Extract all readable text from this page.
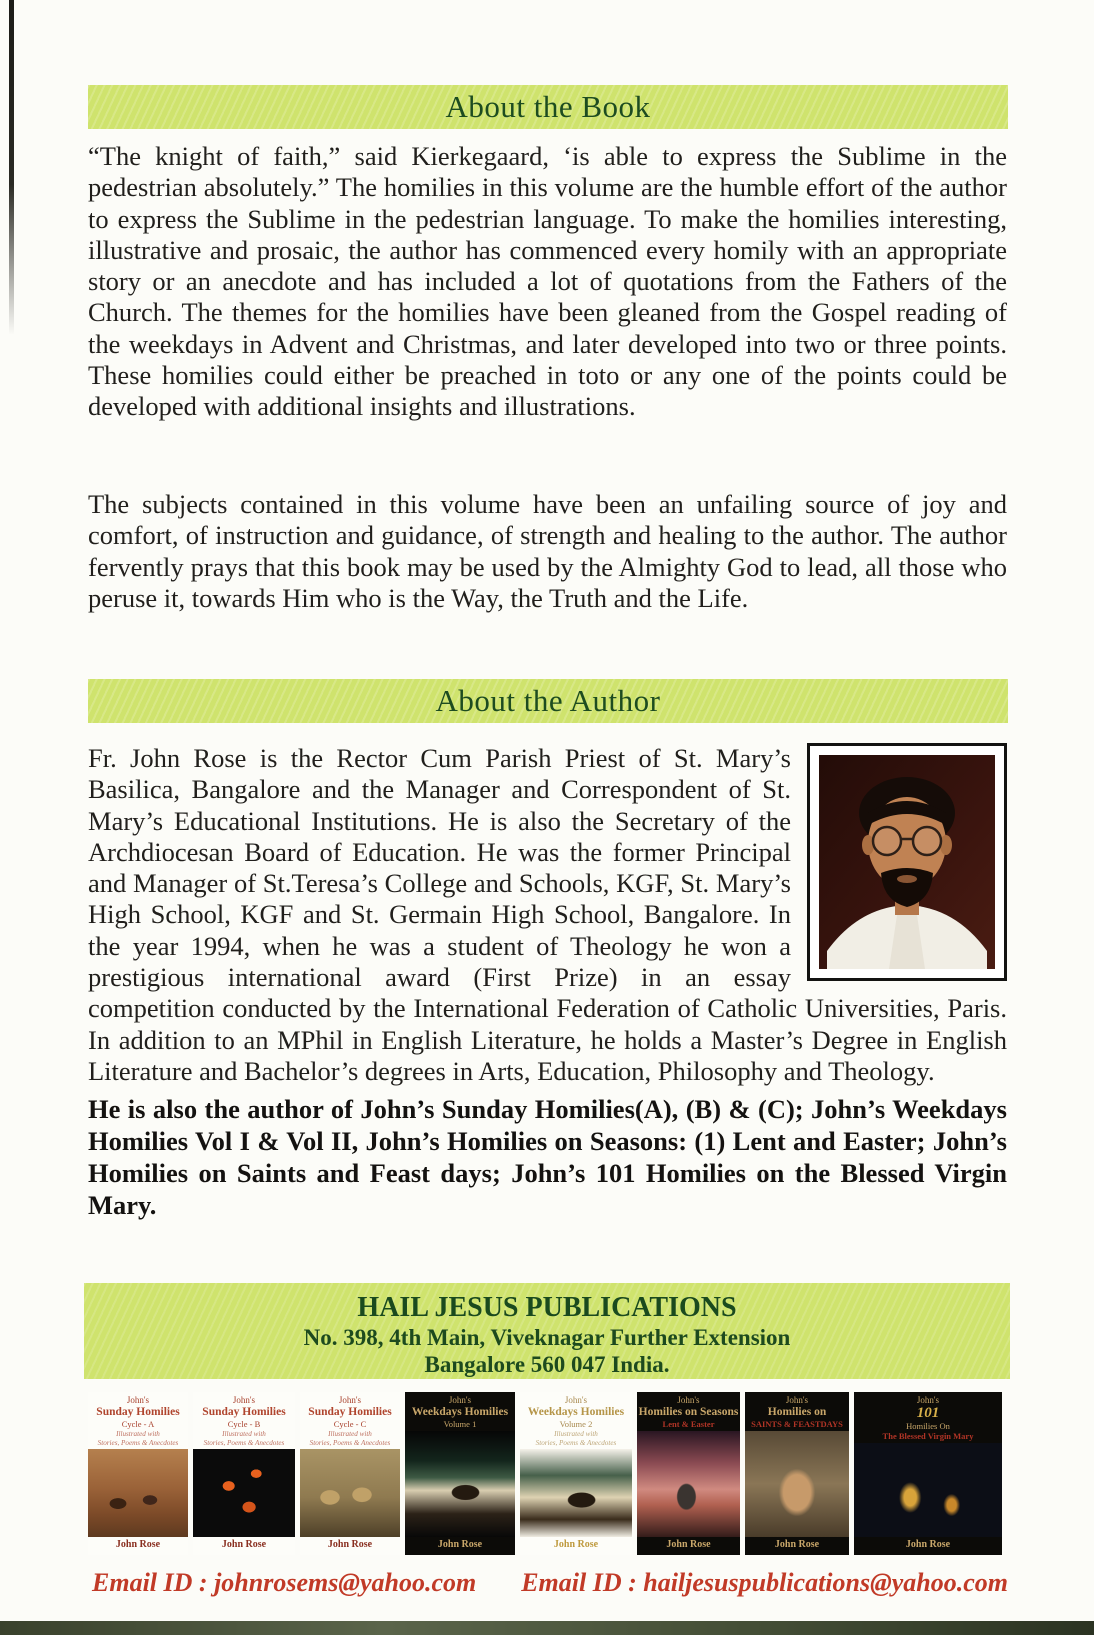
About the Book
“The knight of faith,” said Kierkegaard, ‘is able to express the Sublime in the pedestrian absolutely.” The homilies in this volume are the humble effort of the author to express the Sublime in the pedestrian language. To make the homilies interesting, illustrative and prosaic, the author has commenced every homily with an appropriate story or an anecdote and has included a lot of quotations from the Fathers of the Church. The themes for the homilies have been gleaned from the Gospel reading of the weekdays in Advent and Christmas, and later developed into two or three points. These homilies could either be preached in toto or any one of the points could be developed with additional insights and illustrations.
The subjects contained in this volume have been an unfailing source of joy and comfort, of instruction and guidance, of strength and healing to the author. The author fervently prays that this book may be used by the Almighty God to lead, all those who peruse it, towards Him who is the Way, the Truth and the Life.
About the Author
Fr. John Rose is the Rector Cum Parish Priest of St. Mary’s Basilica, Bangalore and the Manager and Correspondent of St. Mary’s Educational Institutions. He is also the Secretary of the Archdiocesan Board of Education. He was the former Principal and Manager of St.Teresa’s College and Schools, KGF, St. Mary’s High School, KGF and St. Germain High School, Bangalore. In the year 1994, when he was a student of Theology he won a prestigious international award (First Prize) in an essay competition conducted by the International Federation of Catholic Universities, Paris. In addition to an MPhil in English Literature, he holds a Master’s Degree in English Literature and Bachelor’s degrees in Arts, Education, Philosophy and Theology.
He is also the author of John’s Sunday Homilies(A), (B) & (C); John’s Weekdays Homilies Vol I & Vol II, John’s Homilies on Seasons: (1) Lent and Easter; John’s Homilies on Saints and Feast days; John’s 101 Homilies on the Blessed Virgin Mary.
HAIL JESUS PUBLICATIONS
No. 398, 4th Main, Viveknagar Further Extension
Bangalore 560 047 India.
John's
Sunday Homilies
Cycle - A
Illustrated with
Stories, Poems & Anecdotes
John Rose
John's
Sunday Homilies
Cycle - B
Illustrated with
Stories, Poems & Anecdotes
John Rose
John's
Sunday Homilies
Cycle - C
Illustrated with
Stories, Poems & Anecdotes
John Rose
John's
Weekdays Homilies
Volume 1
John Rose
John's
Weekdays Homilies
Volume 2
Illustrated with
Stories, Poems & Anecdotes
John Rose
John's
Homilies on Seasons
Lent & Easter
John Rose
John's
Homilies on
SAINTS & FEASTDAYS
John Rose
John's
101
Homilies On
The Blessed Virgin Mary
John Rose
Email ID : johnrosems@yahoo.com Email ID : hailjesuspublications@yahoo.com
